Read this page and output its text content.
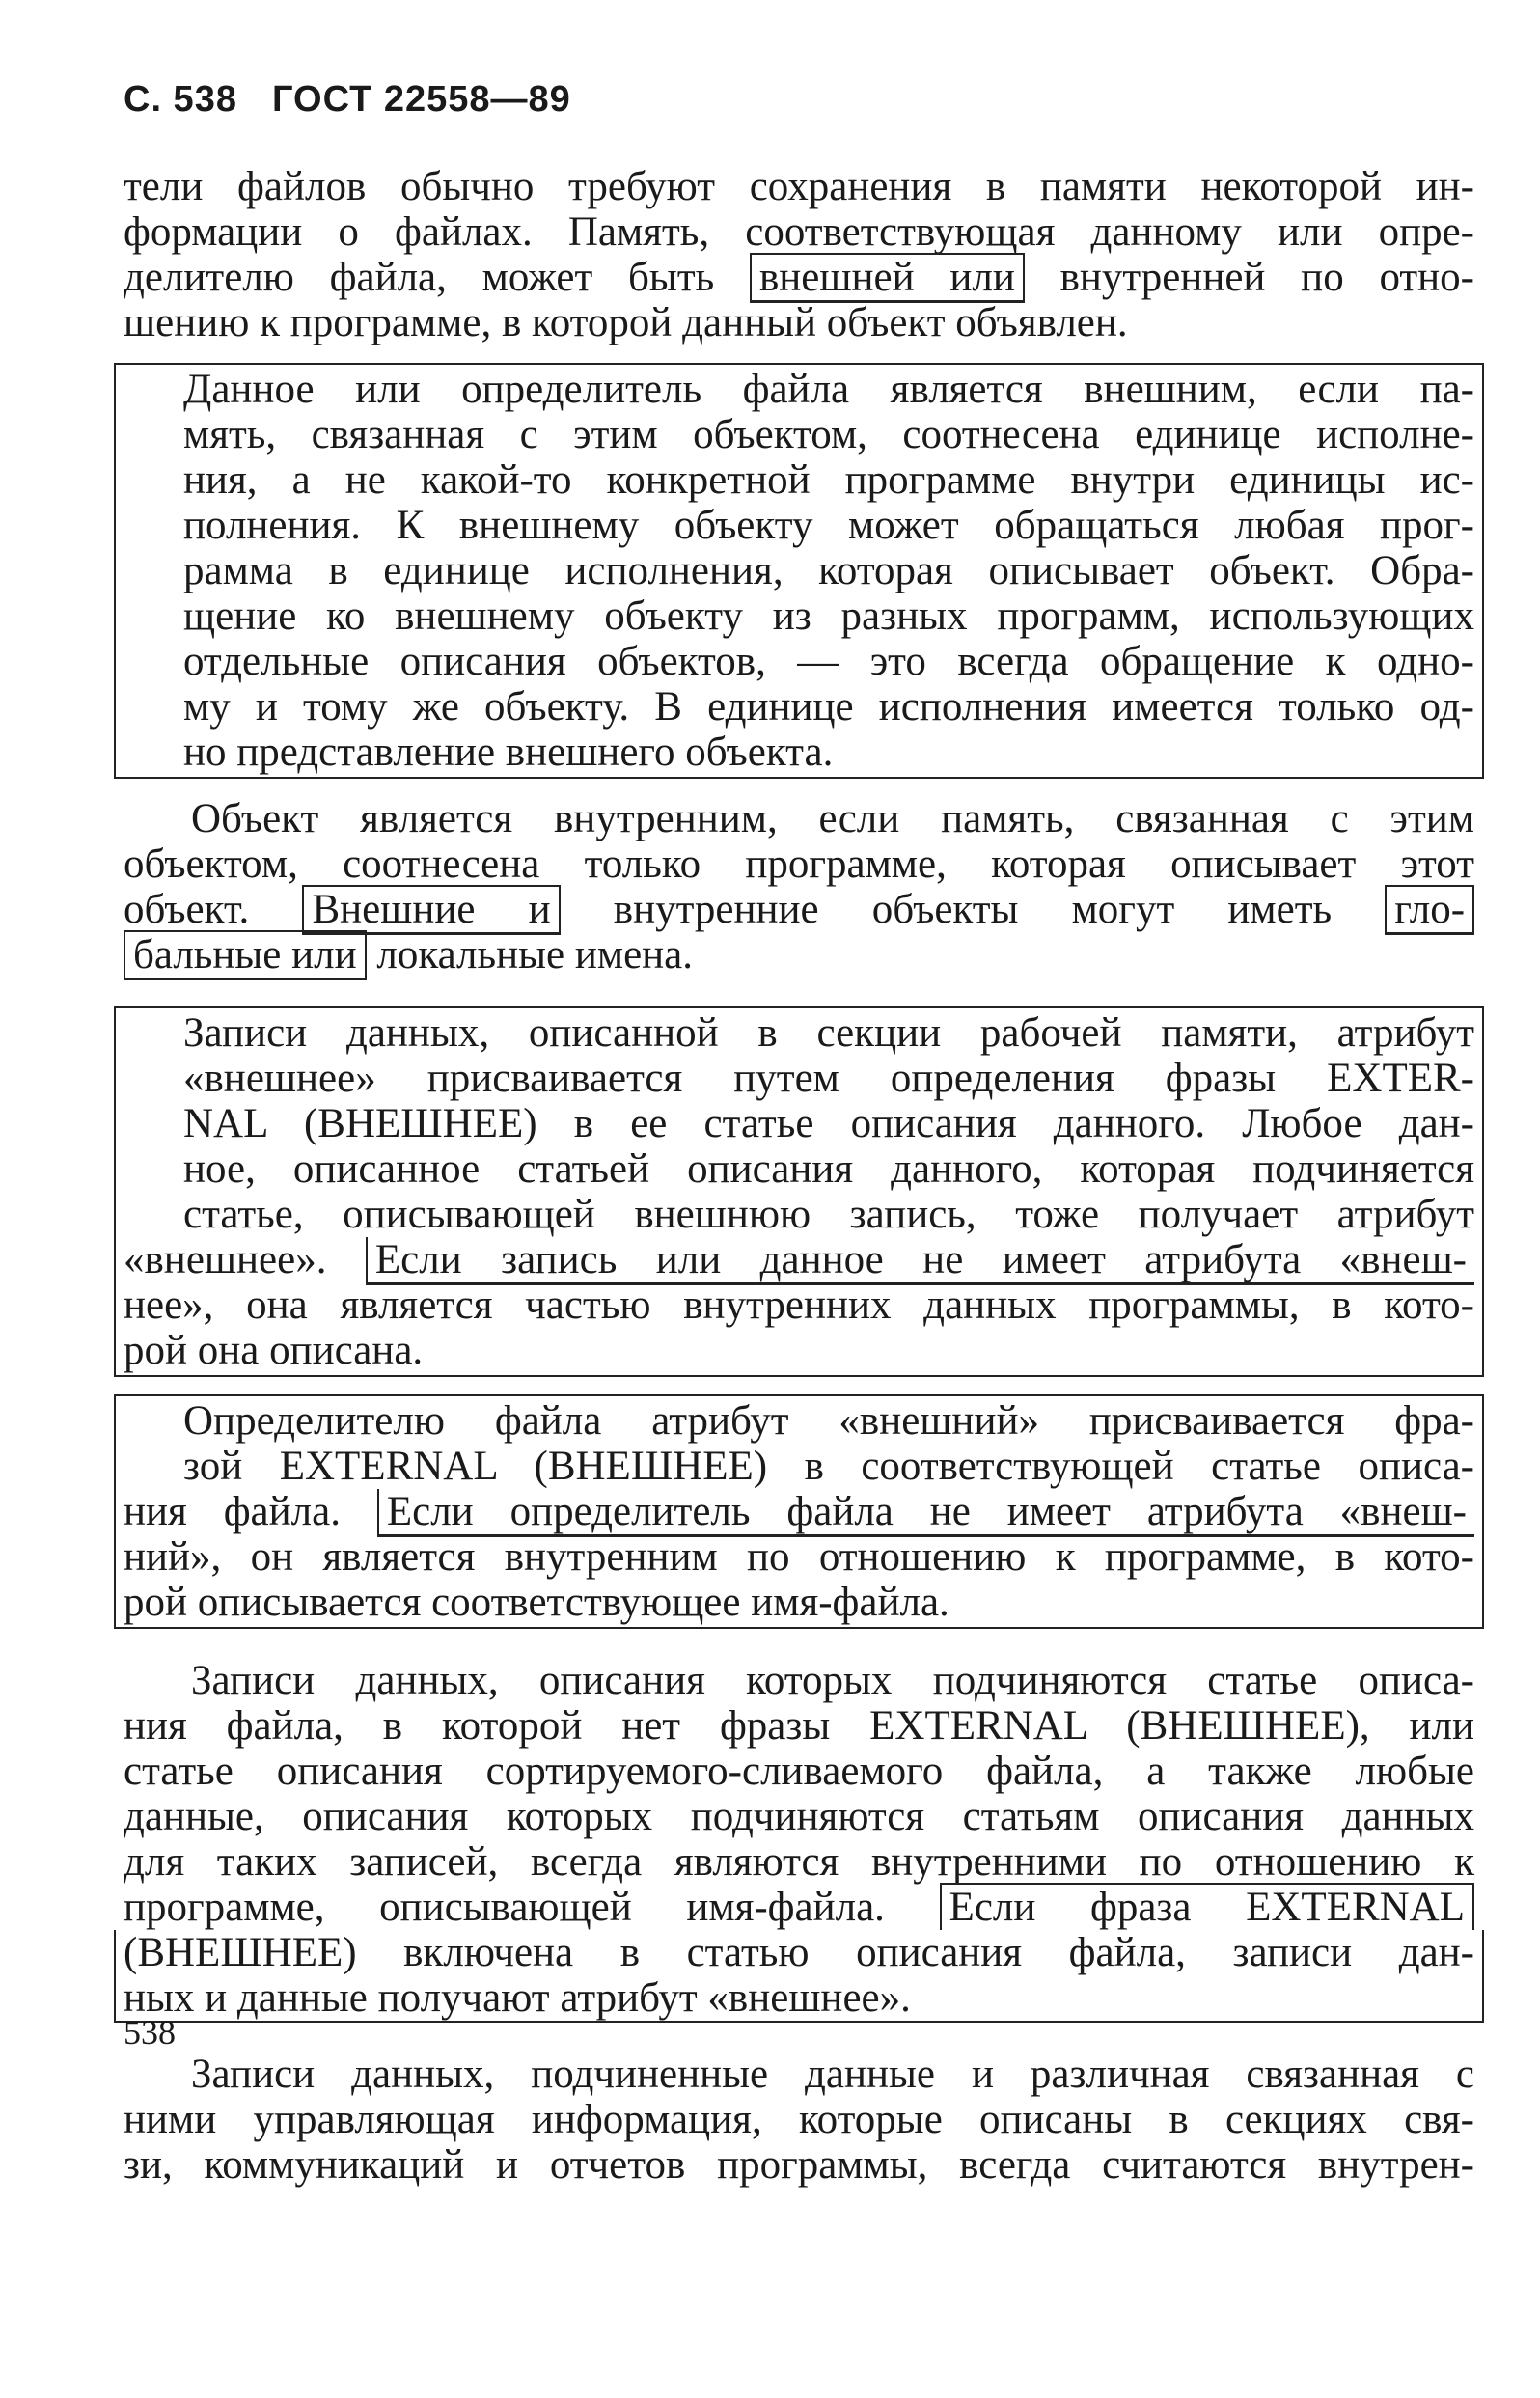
С. 538 ГОСТ 22558—89
тели файлов обычно требуют сохранения в памяти некоторой ин-
формации о файлах. Память, соответствующая данному или опре-
делителю файла, может быть внешней или внутренней по отно-
шению к программе, в которой данный объект объявлен.
Данное или определитель файла является внешним, если па-
мять, связанная с этим объектом, соотнесена единице исполне-
ния, а не какой-то конкретной программе внутри единицы ис-
полнения. К внешнему объекту может обращаться любая прог-
рамма в единице исполнения, которая описывает объект. Обра-
щение ко внешнему объекту из разных программ, использующих
отдельные описания объектов, — это всегда обращение к одно-
му и тому же объекту. В единице исполнения имеется только од-
но представление внешнего объекта.
Объект является внутренним, если память, связанная с этим
объектом, соотнесена только программе, которая описывает этот
объект. Внешние и внутренние объекты могут иметь гло-
бальные или локальные имена.
Записи данных, описанной в секции рабочей памяти, атрибут
«внешнее» присваивается путем определения фразы EXTER-
NAL (ВНЕШНЕЕ) в ее статье описания данного. Любое дан-
ное, описанное статьей описания данного, которая подчиняется
статье, описывающей внешнюю запись, тоже получает атрибут
«внешнее». Если запись или данное не имеет атрибута «внеш-
нее», она является частью внутренних данных программы, в кото-
рой она описана.
Определителю файла атрибут «внешний» присваивается фра-
зой EXTERNAL (ВНЕШНЕЕ) в соответствующей статье описа-
ния файла. Если определитель файла не имеет атрибута «внеш-
ний», он является внутренним по отношению к программе, в кото-
рой описывается соответствующее имя-файла.
Записи данных, описания которых подчиняются статье описа-
ния файла, в которой нет фразы EXTERNAL (ВНЕШНЕЕ), или
статье описания сортируемого-сливаемого файла, а также любые
данные, описания которых подчиняются статьям описания данных
для таких записей, всегда являются внутренними по отношению к
программе, описывающей имя-файла. Если фраза EXTERNAL
(ВНЕШНЕЕ) включена в статью описания файла, записи дан-
ных и данные получают атрибут «внешнее».
Записи данных, подчиненные данные и различная связанная с
ними управляющая информация, которые описаны в секциях свя-
зи, коммуникаций и отчетов программы, всегда считаются внутрен-
538
